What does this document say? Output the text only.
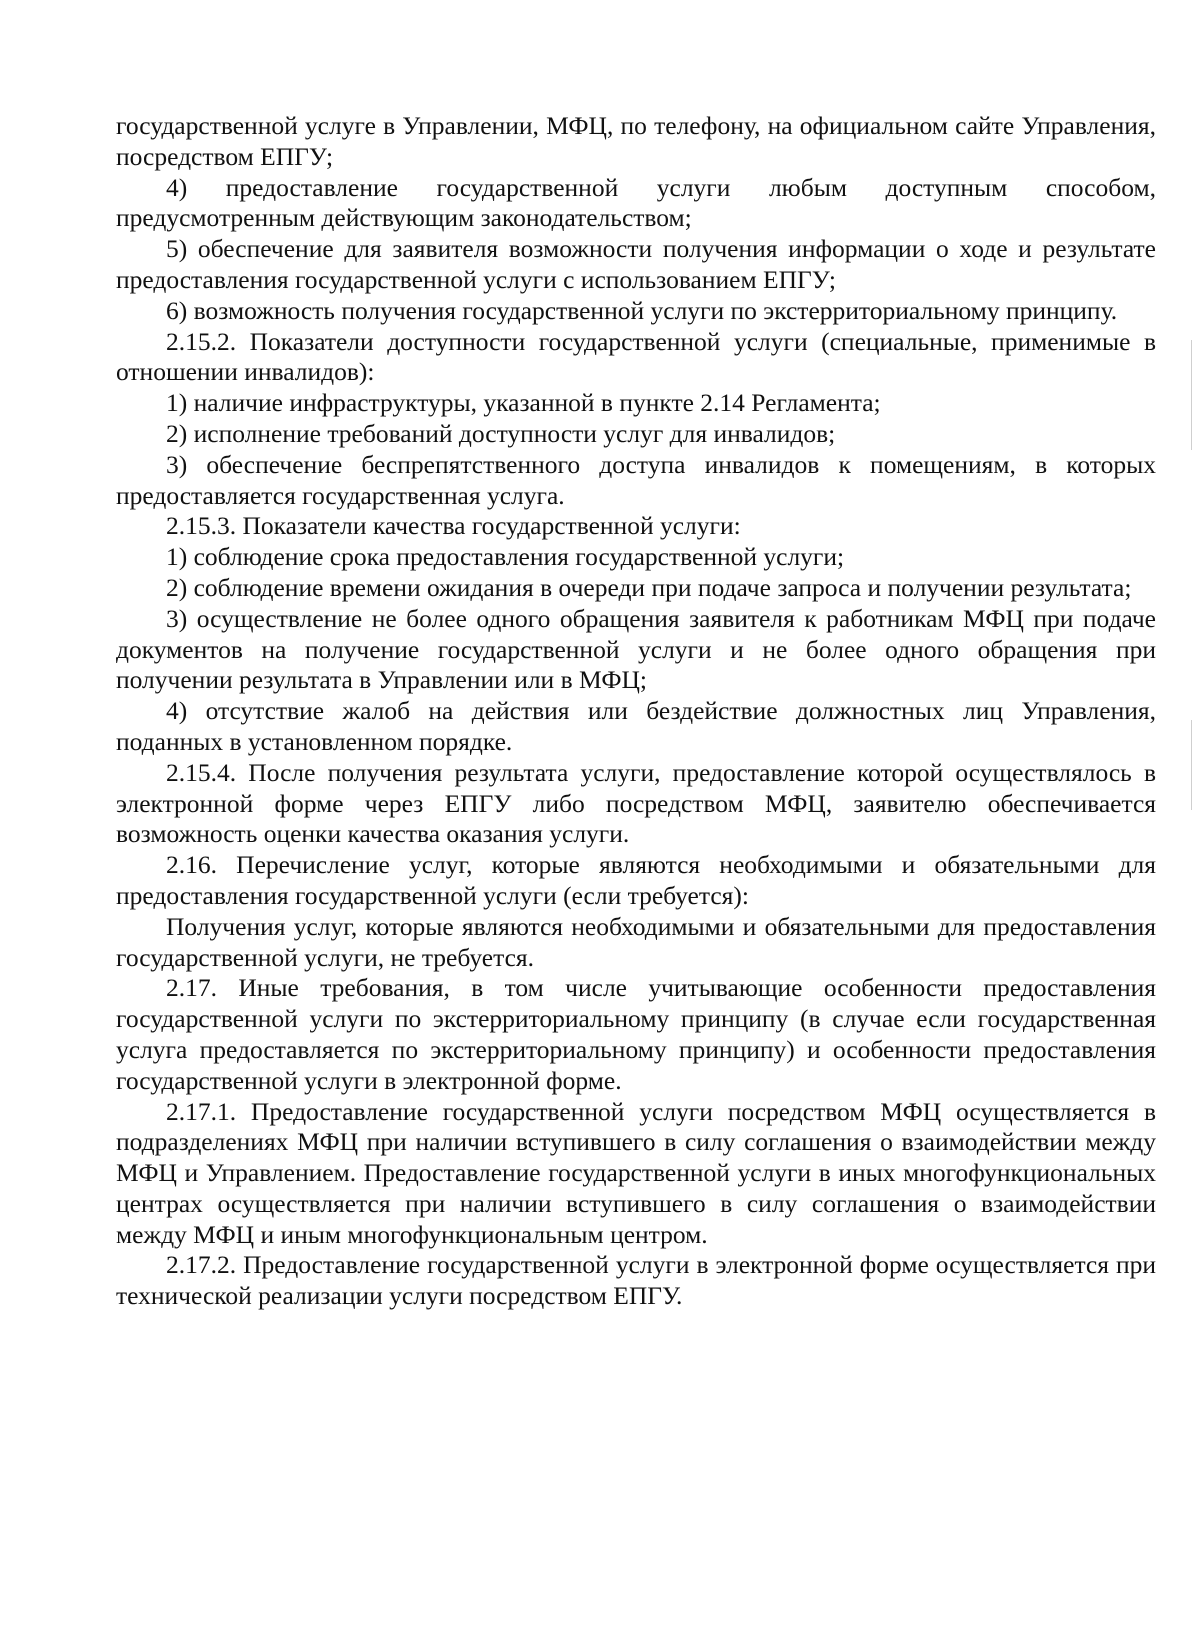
государственной услуге в Управлении, МФЦ, по телефону, на официальном сайте Управления, посредством ЕПГУ;

4) предоставление государственной услуги любым доступным способом, предусмотренным действующим законодательством;

5) обеспечение для заявителя возможности получения информации о ходе и результате предоставления государственной услуги с использованием ЕПГУ;

6) возможность получения государственной услуги по экстерриториальному принципу.

2.15.2. Показатели доступности государственной услуги (специальные, применимые в отношении инвалидов):

1) наличие инфраструктуры, указанной в пункте 2.14 Регламента;

2) исполнение требований доступности услуг для инвалидов;

3) обеспечение беспрепятственного доступа инвалидов к помещениям, в которых предоставляется государственная услуга.

2.15.3. Показатели качества государственной услуги:

1) соблюдение срока предоставления государственной услуги;

2) соблюдение времени ожидания в очереди при подаче запроса и получении результата;

3) осуществление не более одного обращения заявителя к работникам МФЦ при подаче документов на получение государственной услуги и не более одного обращения при получении результата в Управлении или в МФЦ;

4) отсутствие жалоб на действия или бездействие должностных лиц Управления, поданных в установленном порядке.

2.15.4. После получения результата услуги, предоставление которой осуществлялось в электронной форме через ЕПГУ либо посредством МФЦ, заявителю обеспечивается возможность оценки качества оказания услуги.

2.16. Перечисление услуг, которые являются необходимыми и обязательными для предоставления государственной услуги (если требуется):

Получения услуг, которые являются необходимыми и обязательными для предоставления государственной услуги, не требуется.

2.17. Иные требования, в том числе учитывающие особенности предоставления государственной услуги по экстерриториальному принципу (в случае если государственная услуга предоставляется по экстерриториальному принципу) и особенности предоставления государственной услуги в электронной форме.

2.17.1. Предоставление государственной услуги посредством МФЦ осуществляется в подразделениях МФЦ при наличии вступившего в силу соглашения о взаимодействии между МФЦ и Управлением. Предоставление государственной услуги в иных многофункциональных центрах осуществляется при наличии вступившего в силу соглашения о взаимодействии между МФЦ и иным многофункциональным центром.

2.17.2. Предоставление государственной услуги в электронной форме осуществляется при технической реализации услуги посредством ЕПГУ.
